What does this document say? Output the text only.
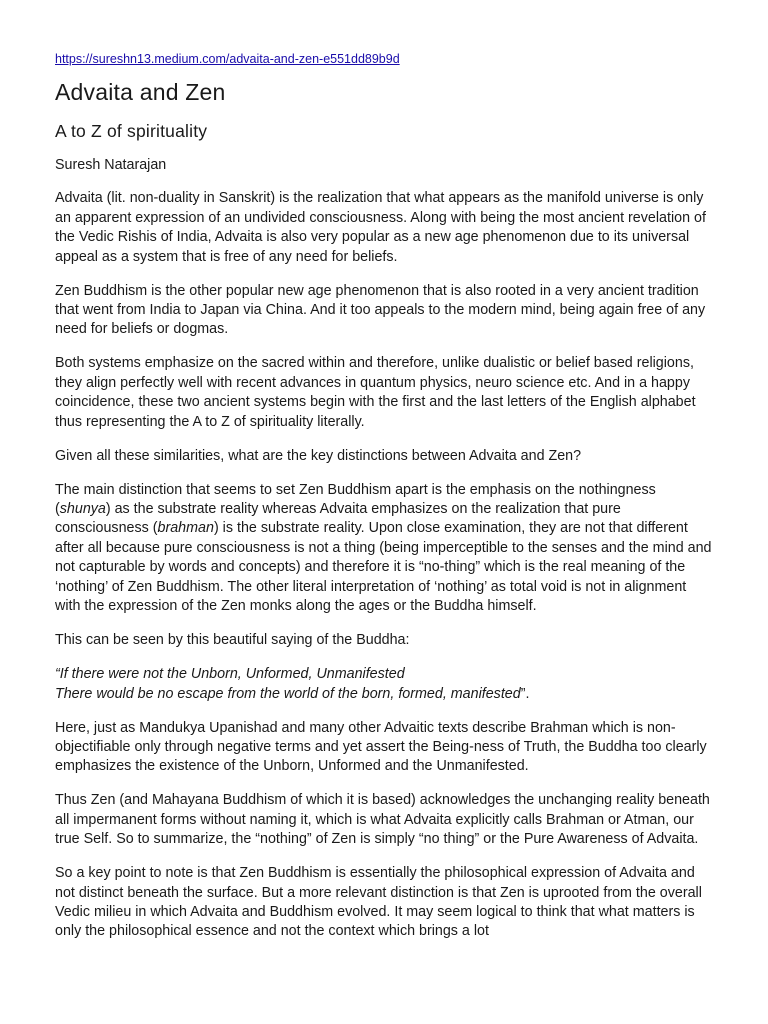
https://sureshn13.medium.com/advaita-and-zen-e551dd89b9d
Advaita and Zen
A to Z of spirituality

Suresh Natarajan

Advaita (lit. non-duality in Sanskrit) is the realization that what appears as the manifold universe is only an apparent expression of an undivided consciousness. Along with being the most ancient revelation of the Vedic Rishis of India, Advaita is also very popular as a new age phenomenon due to its universal appeal as a system that is free of any need for beliefs.

Zen Buddhism is the other popular new age phenomenon that is also rooted in a very ancient tradition that went from India to Japan via China. And it too appeals to the modern mind, being again free of any need for beliefs or dogmas.

Both systems emphasize on the sacred within and therefore, unlike dualistic or belief based religions, they align perfectly well with recent advances in quantum physics, neuro science etc. And in a happy coincidence, these two ancient systems begin with the first and the last letters of the English alphabet thus representing the A to Z of spirituality literally.

Given all these similarities, what are the key distinctions between Advaita and Zen?

The main distinction that seems to set Zen Buddhism apart is the emphasis on the nothingness (shunya) as the substrate reality whereas Advaita emphasizes on the realization that pure consciousness (brahman) is the substrate reality. Upon close examination, they are not that different after all because pure consciousness is not a thing (being imperceptible to the senses and the mind and not capturable by words and concepts) and therefore it is “no-thing” which is the real meaning of the ‘nothing’ of Zen Buddhism. The other literal interpretation of ‘nothing’ as total void is not in alignment with the expression of the Zen monks along the ages or the Buddha himself.

This can be seen by this beautiful saying of the Buddha:

“If there were not the Unborn, Unformed, Unmanifested
There would be no escape from the world of the born, formed, manifested”.

Here, just as Mandukya Upanishad and many other Advaitic texts describe Brahman which is non-objectifiable only through negative terms and yet assert the Being-ness of Truth, the Buddha too clearly emphasizes the existence of the Unborn, Unformed and the Unmanifested.

Thus Zen (and Mahayana Buddhism of which it is based) acknowledges the unchanging reality beneath all impermanent forms without naming it, which is what Advaita explicitly calls Brahman or Atman, our true Self. So to summarize, the “nothing” of Zen is simply “no thing” or the Pure Awareness of Advaita.

So a key point to note is that Zen Buddhism is essentially the philosophical expression of Advaita and not distinct beneath the surface. But a more relevant distinction is that Zen is uprooted from the overall Vedic milieu in which Advaita and Buddhism evolved. It may seem logical to think that what matters is only the philosophical essence and not the context which brings a lot
